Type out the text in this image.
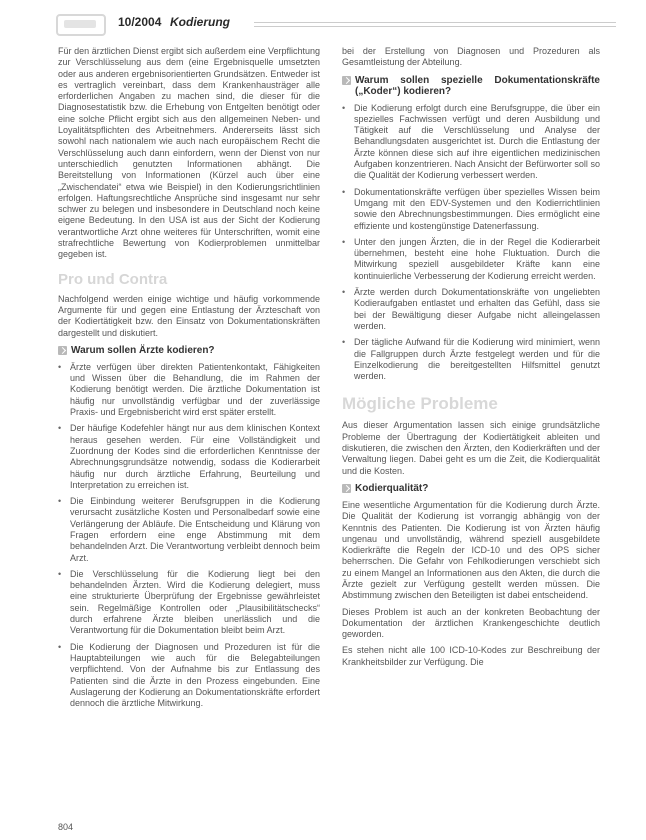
10/2004 Kodierung

Für den ärztlichen Dienst ergibt sich außerdem eine Verpflichtung zur Verschlüsselung aus dem (eine Ergebnisquelle umsetzten oder aus anderen ergebnisorientierten Grundsätzen. Entweder ist es vertraglich vereinbart, dass dem Krankenhausträger alle erforderlichen Angaben zu machen sind, die dieser für die Diagnosestatistik bzw. die Erhebung von Entgelten benötigt oder eine solche Pflicht ergibt sich aus den allgemeinen Neben- und Loyalitätspflichten des Arbeitnehmers. Andererseits lässt sich sowohl nach nationalem wie auch nach europäischem Recht die Verschlüsselung auch dann einfordern, wenn der Dienst von nur unterschiedlich genutzten Informationen abhängt. Die Bereitstellung von Informationen (Kürzel auch über eine „Zwischendatei“ etwa wie Beispiel) in den Kodierungsrichtlinien erfolgen. Haftungsrechtliche Ansprüche sind insgesamt nur sehr schwer zu belegen und insbesondere in Deutschland noch keine eigene Bedeutung. In den USA ist aus der Sicht der Kodierung verantwortliche Arzt ohne weiteres für Unterschriften, womit eine strafrechtliche Bewertung von Kodierproblemen unmittelbar gegeben ist.

Pro und Contra

Nachfolgend werden einige wichtige und häufig vorkommende Argumente für und gegen eine Entlastung der Ärzteschaft von der Kodiertätigkeit bzw. den Einsatz von Dokumentationskräften dargestellt und diskutiert.

Warum sollen Ärzte kodieren?

• Ärzte verfügen über direkten Patientenkontakt, Fähigkeiten und Wissen über die Behandlung, die im Rahmen der Kodierung benötigt werden. Die ärztliche Dokumentation ist häufig nur unvollständig verfügbar und der zuverlässige Praxis- und Ergebnisbericht wird erst später erstellt.

• Der häufige Kodefehler hängt nur aus dem klinischen Kontext heraus gesehen werden. Für eine Vollständigkeit und Zuordnung der Kodes sind die erforderlichen Kenntnisse der Abrechnungsgrundsätze notwendig, sodass die Kodierarbeit häufig nur durch ärztliche Erfahrung, Beurteilung und Interpretation zu erreichen ist.

• Die Einbindung weiterer Berufsgruppen in die Kodierung verursacht zusätzliche Kosten und Personalbedarf sowie eine Verlängerung der Abläufe. Die Entscheidung und Klärung von Fragen erfordern eine enge Abstimmung mit dem behandelnden Arzt. Die Verantwortung verbleibt dennoch beim Arzt.

• Die Verschlüsselung für die Kodierung liegt bei den behandelnden Ärzten. Wird die Kodierung delegiert, muss eine strukturierte Überprüfung der Ergebnisse gewährleistet sein. Regelmäßige Kontrollen oder „Plausibilitätschecks“ durch erfahrene Ärzte bleiben unerlässlich und die Verantwortung für die Dokumentation bleibt beim Arzt.

• Die Kodierung der Diagnosen und Prozeduren ist für die Hauptabteilungen wie auch für die Belegabteilungen verpflichtend. Von der Aufnahme bis zur Entlassung des Patienten sind die Ärzte in den Prozess eingebunden. Eine Auslagerung der Kodierung an Dokumentationskräfte erfordert dennoch die ärztliche Mitwirkung.

bei der Erstellung von Diagnosen und Prozeduren als Gesamtleistung der Abteilung.

Warum sollen spezielle Dokumentationskräfte („Koder“) kodieren?

• Die Kodierung erfolgt durch eine Berufsgruppe, die über ein spezielles Fachwissen verfügt und deren Ausbildung und Tätigkeit auf die Verschlüsselung und Analyse der Behandlungsdaten ausgerichtet ist. Durch die Entlastung der Ärzte können diese sich auf ihre eigentlichen medizinischen Aufgaben konzentrieren. Nach Ansicht der Befürworter soll so die Qualität der Kodierung verbessert werden.

• Dokumentationskräfte verfügen über spezielles Wissen beim Umgang mit den EDV-Systemen und den Kodierrichtlinien sowie den Abrechnungsbestimmungen. Dies ermöglicht eine effiziente und kostengünstige Datenerfassung.

• Unter den jungen Ärzten, die in der Regel die Kodierarbeit übernehmen, besteht eine hohe Fluktuation. Durch die Mitwirkung speziell ausgebildeter Kräfte kann eine kontinuierliche Verbesserung der Kodierung erreicht werden.

• Ärzte werden durch Dokumentationskräfte von ungeliebten Kodieraufgaben entlastet und erhalten das Gefühl, dass sie bei der Bewältigung dieser Aufgabe nicht alleingelassen werden.

• Der tägliche Aufwand für die Kodierung wird minimiert, wenn die Fallgruppen durch Ärzte festgelegt werden und für die Einzelkodierung die bereitgestellten Hilfsmittel genutzt werden.

Mögliche Probleme

Aus dieser Argumentation lassen sich einige grundsätzliche Probleme der Übertragung der Kodiertätigkeit ableiten und diskutieren, die zwischen den Ärzten, den Kodierkräften und der Verwaltung liegen. Dabei geht es um die Zeit, die Kodierqualität und die Kosten.

Kodierqualität?

Eine wesentliche Argumentation für die Kodierung durch Ärzte. Die Qualität der Kodierung ist vorrangig abhängig von der Kenntnis des Patienten. Die Kodierung ist von Ärzten häufig ungenau und unvollständig, während speziell ausgebildete Kodierkräfte die Regeln der ICD-10 und des OPS sicher beherrschen. Die Gefahr von Fehlkodierungen verschiebt sich zu einem Mangel an Informationen aus den Akten, die durch die Ärzte gezielt zur Verfügung gestellt werden müssen. Die Abstimmung zwischen den Beteiligten ist dabei entscheidend.

Dieses Problem ist auch an der konkreten Beobachtung der Dokumentation der ärztlichen Krankengeschichte deutlich geworden.

Es stehen nicht alle 100 ICD-10-Kodes zur Beschreibung der Krankheitsbilder zur Verfügung. Die

804
